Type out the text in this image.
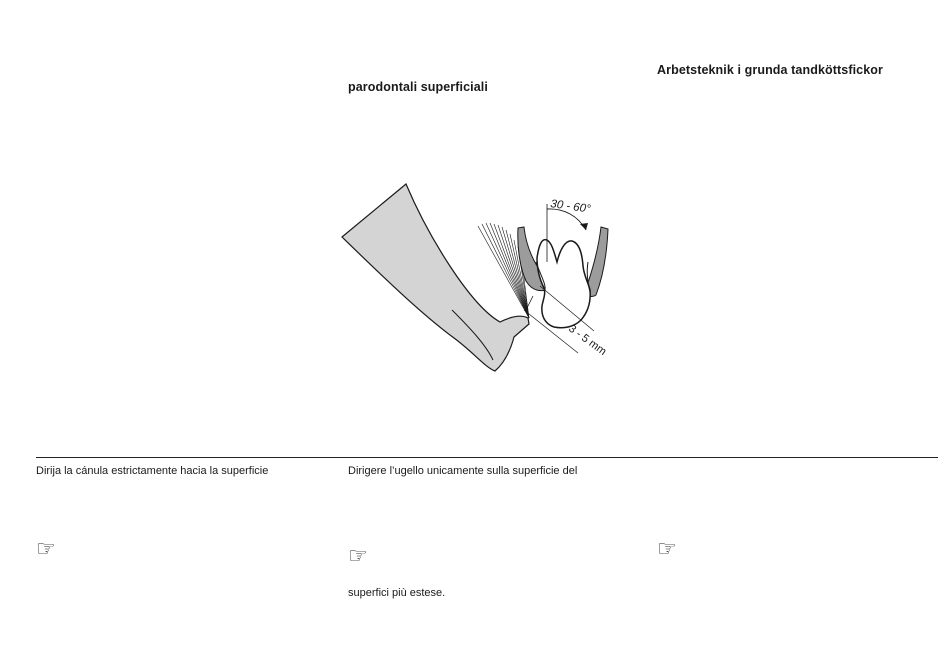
Arbetsteknik i grunda tandköttsfickor
parodontali superficiali
30 - 60°
3 - 5 mm
Dirija la cánula estrictamente hacia la superficie	Dirigere l’ugello unicamente sulla superficie del
☞	☞	☞
superfici più estese.
